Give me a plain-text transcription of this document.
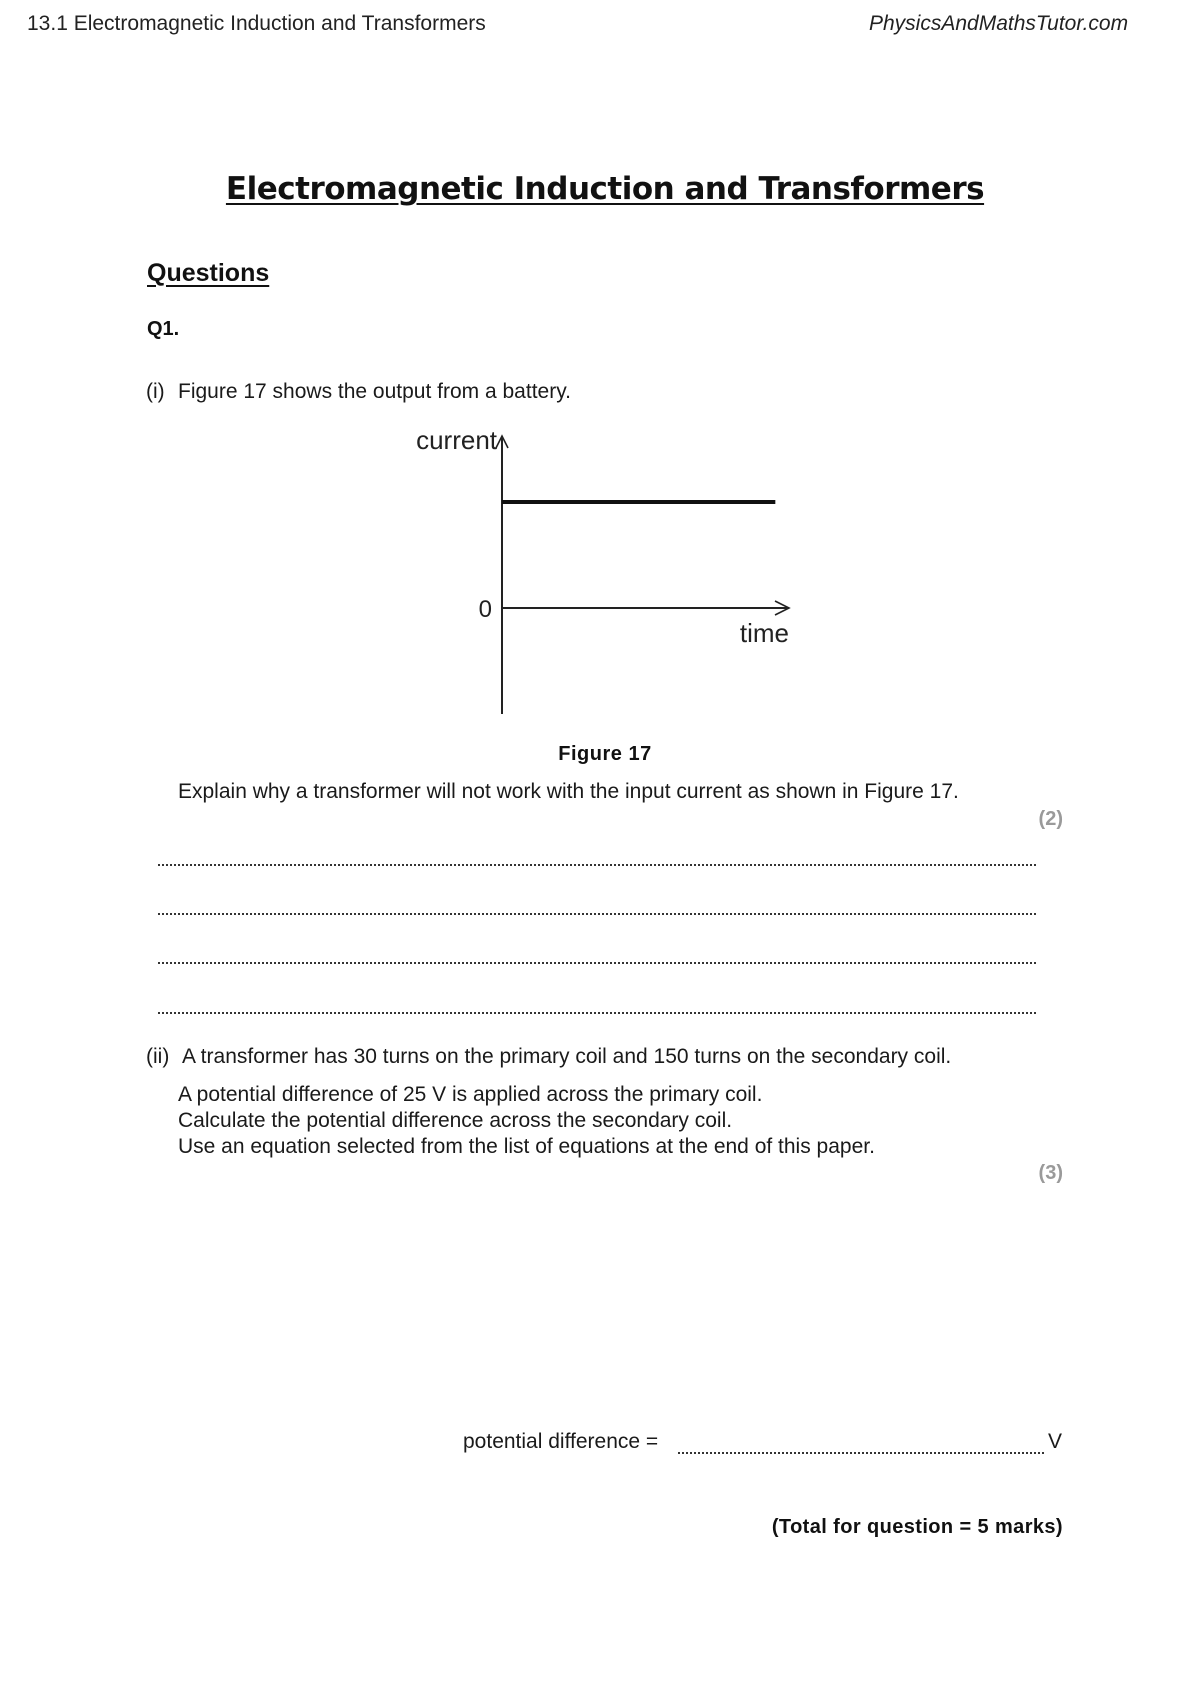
13.1 Electromagnetic Induction and Transformers	PhysicsAndMathsTutor.com
Electromagnetic Induction and Transformers
Questions
Q1.
(i) Figure 17 shows the output from a battery.
current
time
0
Figure 17
Explain why a transformer will not work with the input current as shown in Figure 17.
(2)
(ii) A transformer has 30 turns on the primary coil and 150 turns on the secondary coil.
A potential difference of 25 V is applied across the primary coil.
Calculate the potential difference across the secondary coil.
Use an equation selected from the list of equations at the end of this paper.
(3)
potential difference =	V
(Total for question = 5 marks)
